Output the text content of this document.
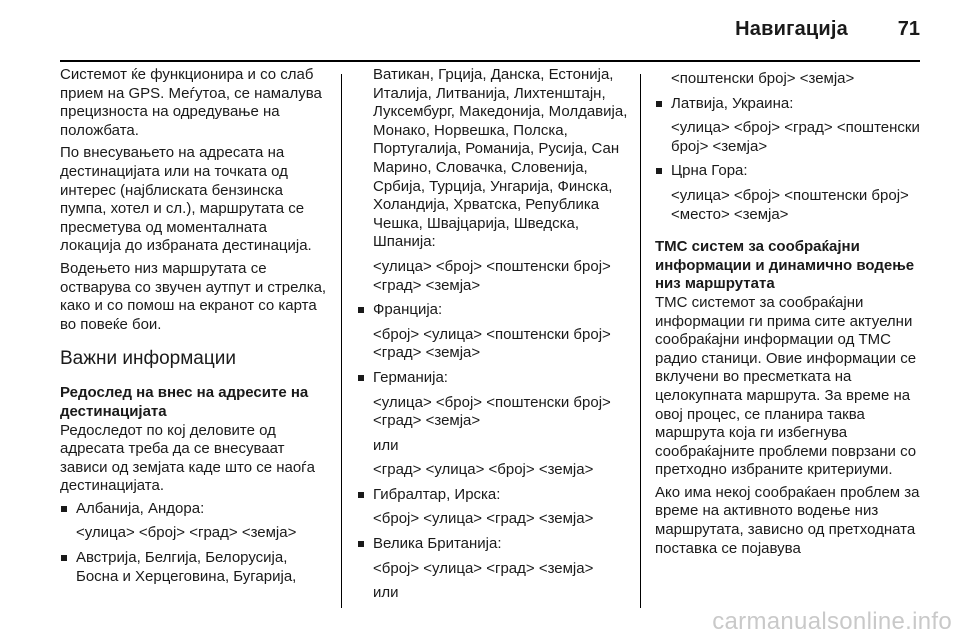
Навигација 71

Системот ќе функционира и со слаб прием на GPS. Меѓутоа, се намалува прецизноста на одредување на положбата.

По внесувањето на адресата на дестинацијата или на точката од интерес (најблиската бензинска пумпа, хотел и сл.), маршрутата се пресметува од моменталната локација до избраната дестинација.

Водењето низ маршрутата се остварува со звучен аутпут и стрелка, како и со помош на екранот со карта во повеќе бои.

Важни информации

Редослед на внес на адресите на дестинацијата

Редоследот по кој деловите од адресата треба да се внесуваат зависи од земјата каде што се наоѓа дестинацијата.

Албанија, Андора:
<улица> <број> <град> <земја>
Австрија, Белгија, Белорусија, Босна и Херцеговина, Бугарија,

Ватикан, Грција, Данска, Естонија, Италија, Литванија, Лихтенштајн, Луксембург, Македонија, Молдавија, Монако, Норвешка, Полска, Португалија, Романија, Русија, Сан Марино, Словачка, Словенија, Србија, Турција, Унгарија, Финска, Холандија, Хрватска, Република Чешка, Швајцарија, Шведска, Шпанија:

<улица> <број> <поштенски број> <град> <земја>
Франција:
<број> <улица> <поштенски број> <град> <земја>
Германија:
<улица> <број> <поштенски број> <град> <земја>
или
<град> <улица> <број> <земја>
Гибралтар, Ирска:
<број> <улица> <град> <земја>
Велика Британија:
<број> <улица> <град> <земја>
или
<поштенски број> <земја>
Латвија, Украина:
<улица> <број> <град> <поштенски број> <земја>
Црна Гора:
<улица> <број> <поштенски број> <место> <земја>

TMC систем за сообраќајни информации и динамично водење низ маршрутата

TMC системот за сообраќајни информации ги прима сите актуелни сообраќајни информации од TMC радио станици. Овие информации се вклучени во пресметката на целокупната маршрута. За време на овој процес, се планира таква маршрута која ги избегнува сообраќајните проблеми поврзани со претходно избраните критериуми.

Ако има некој сообраќаен проблем за време на активното водење низ маршрутата, зависно од претходната поставка се појавува

carmanualsonline.info
